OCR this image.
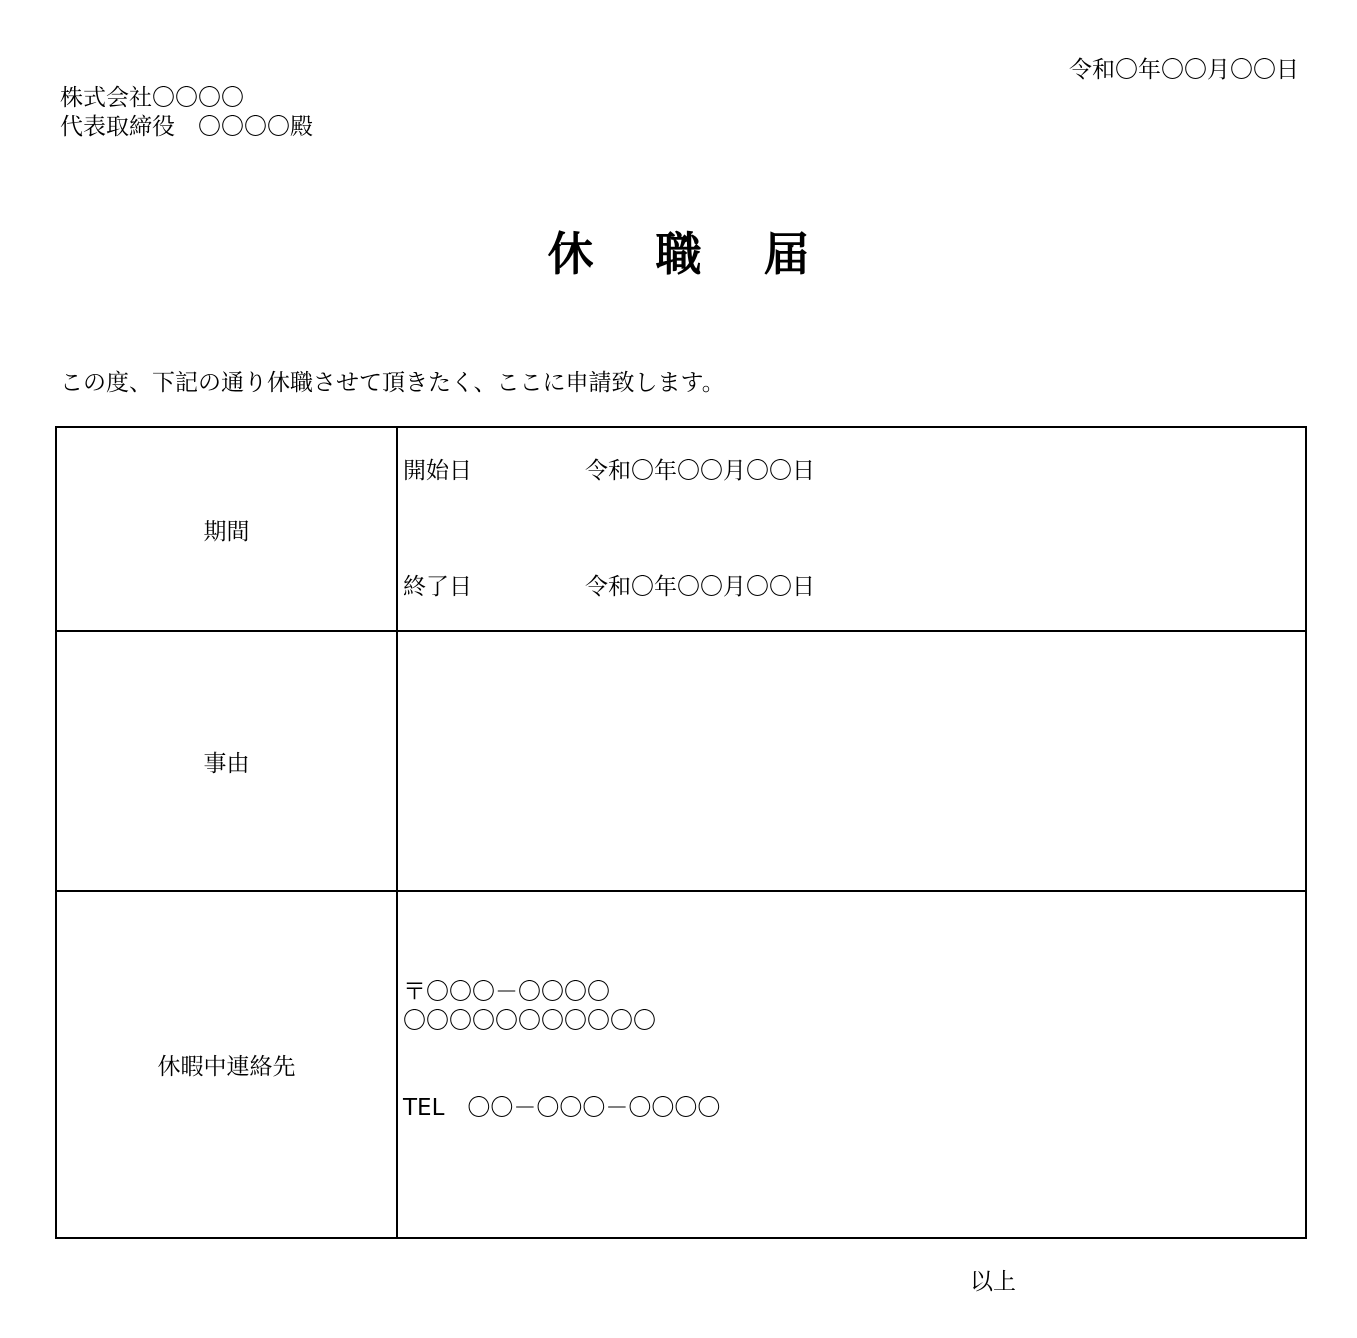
令和〇年〇〇月〇〇日
株式会社〇〇〇〇
代表取締役　〇〇〇〇殿
休職届
この度、下記の通り休職させて頂きたく、ここに申請致します。
期間
開始日	令和〇年〇〇月〇〇日
終了日	令和〇年〇〇月〇〇日
事由
休暇中連絡先
〒〇〇〇－〇〇〇〇
〇〇〇〇〇〇〇〇〇〇〇
TEL　〇〇－〇〇〇－〇〇〇〇
以上
